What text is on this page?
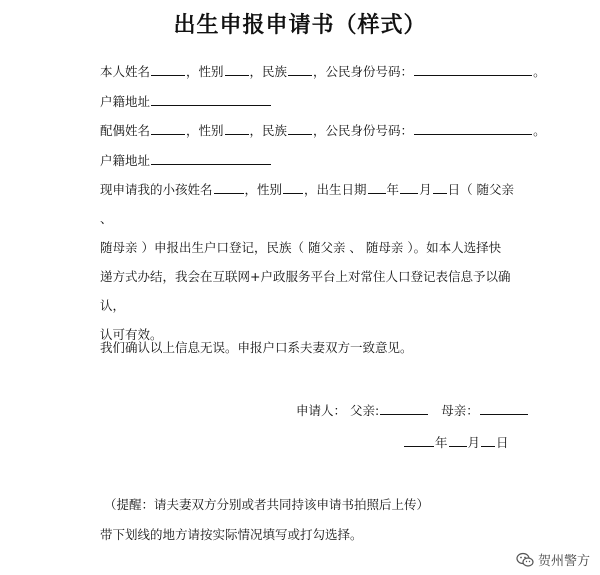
出生申报申请书（样式）
本人姓名	，性别 ，民族 ，公民身份号码：	。
户籍地址
配偶姓名	，性别 ，民族 ，公民身份号码：	。
户籍地址
现申请我的小孩姓名	，性别 ，出生日期 年 月 日（ 随父亲 、
随母亲 ）申报出生户口登记，民族（ 随父亲 、 随母亲 ）。如本人选择快
递方式办结，我会在互联网+户政服务平台上对常住人口登记表信息予以确认，
认可有效。
我们确认以上信息无误。申报户口系夫妻双方一致意见。
申请人： 父亲:	母亲：
年 月 日
（提醒：请夫妻双方分别或者共同持该申请书拍照后上传）
带下划线的地方请按实际情况填写或打勾选择。
贺州警方
